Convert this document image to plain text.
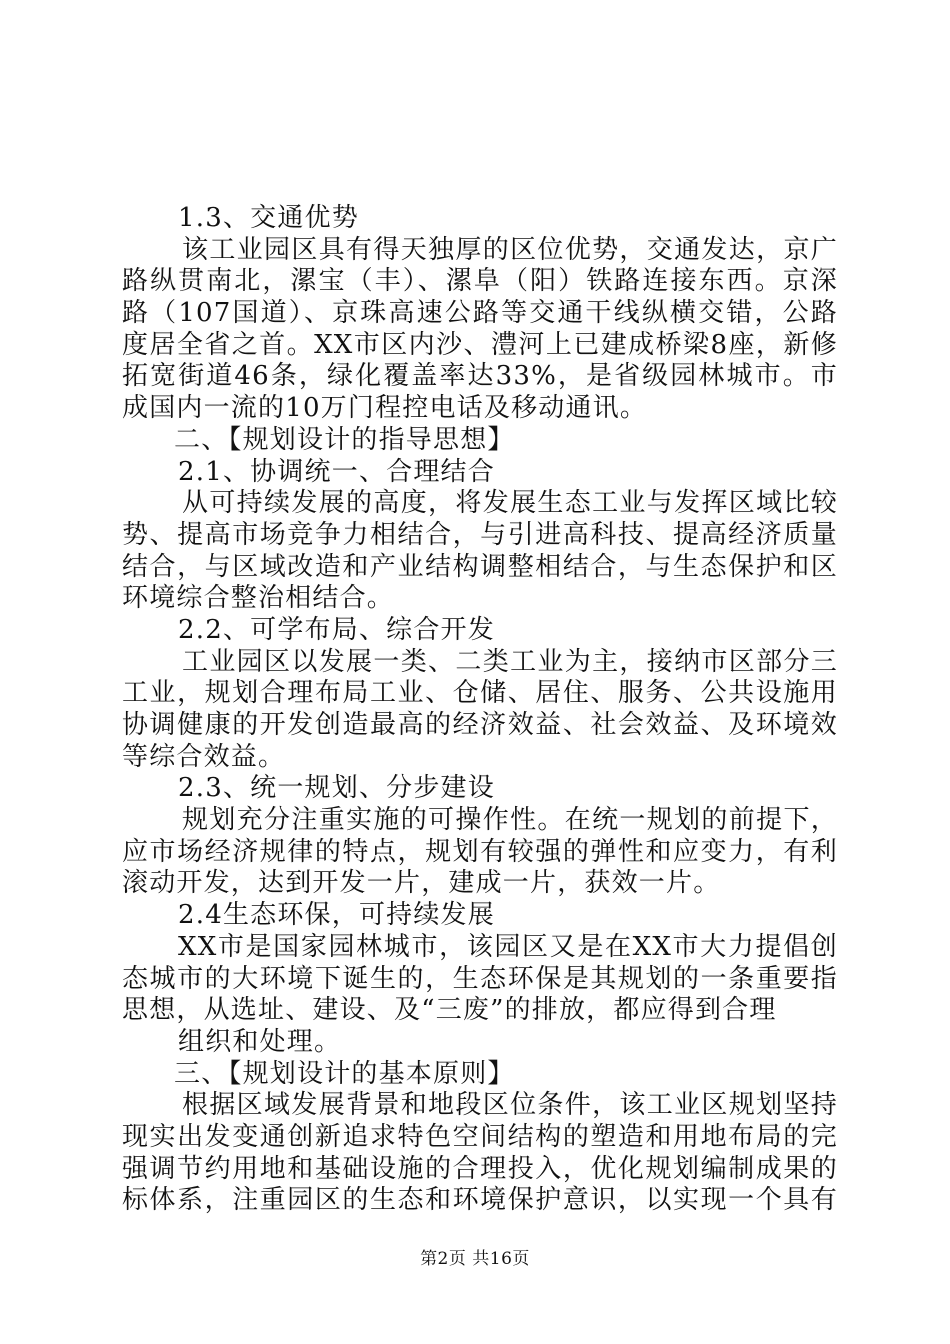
1.3、交通优势
该工业园区具有得天独厚的区位优势，交通发达，京广
路纵贯南北，漯宝（丰）、漯阜（阳）铁路连接东西。京深
路（107国道）、京珠高速公路等交通干线纵横交错，公路
度居全省之首。XX市区内沙、澧河上已建成桥梁8座，新修
拓宽街道46条，绿化覆盖率达33%，是省级园林城市。市
成国内一流的10万门程控电话及移动通讯。
二、【规划设计的指导思想】
2.1、协调统一、合理结合
从可持续发展的高度，将发展生态工业与发挥区域比较
势、提高市场竞争力相结合，与引进高科技、提高经济质量
结合，与区域改造和产业结构调整相结合，与生态保护和区
环境综合整治相结合。
2.2、可学布局、综合开发
工业园区以发展一类、二类工业为主，接纳市区部分三
工业，规划合理布局工业、仓储、居住、服务、公共设施用
协调健康的开发创造最高的经济效益、社会效益、及环境效
等综合效益。
2.3、统一规划、分步建设
规划充分注重实施的可操作性。在统一规划的前提下，
应市场经济规律的特点，规划有较强的弹性和应变力，有利
滚动开发，达到开发一片，建成一片，获效一片。
2.4生态环保，可持续发展
XX市是国家园林城市，该园区又是在XX市大力提倡创
态城市的大环境下诞生的，生态环保是其规划的一条重要指
思想，从选址、建设、及“三废”的排放，都应得到合理
组织和处理。
三、【规划设计的基本原则】
根据区域发展背景和地段区位条件，该工业区规划坚持
现实出发变通创新追求特色空间结构的塑造和用地布局的完
强调节约用地和基础设施的合理投入，优化规划编制成果的
标体系，注重园区的生态和环境保护意识，以实现一个具有
第2页 共16页
